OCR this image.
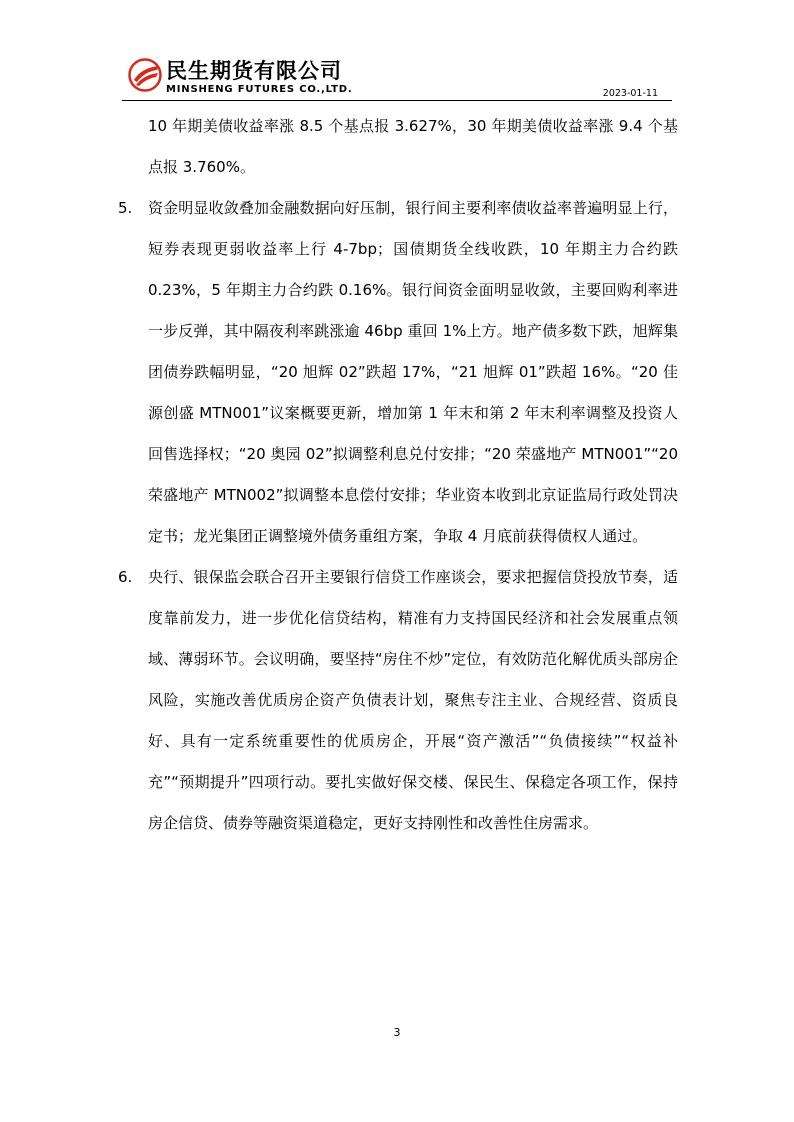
民生期货有限公司
MINSHENG FUTURES CO.,LTD.	2023-01-11

10 年期美债收益率涨 8.5 个基点报 3.627%，30 年期美债收益率涨 9.4 个基点报 3.760%。

5. 资金明显收敛叠加金融数据向好压制，银行间主要利率债收益率普遍明显上行，短券表现更弱收益率上行 4-7bp；国债期货全线收跌，10 年期主力合约跌 0.23%，5 年期主力合约跌 0.16%。银行间资金面明显收敛，主要回购利率进一步反弹，其中隔夜利率跳涨逾 46bp 重回 1%上方。地产债多数下跌，旭辉集团债券跌幅明显，“20 旭辉 02”跌超 17%，“21 旭辉 01”跌超 16%。“20 佳源创盛 MTN001”议案概要更新，增加第 1 年末和第 2 年末利率调整及投资人回售选择权；“20 奥园 02”拟调整利息兑付安排；“20 荣盛地产 MTN001”“20 荣盛地产 MTN002”拟调整本息偿付安排；华业资本收到北京证监局行政处罚决定书；龙光集团正调整境外债务重组方案，争取 4 月底前获得债权人通过。

6. 央行、银保监会联合召开主要银行信贷工作座谈会，要求把握信贷投放节奏，适度靠前发力，进一步优化信贷结构，精准有力支持国民经济和社会发展重点领域、薄弱环节。会议明确，要坚持“房住不炒”定位，有效防范化解优质头部房企风险，实施改善优质房企资产负债表计划，聚焦专注主业、合规经营、资质良好、具有一定系统重要性的优质房企，开展“资产激活”“负债接续”“权益补充”“预期提升”四项行动。要扎实做好保交楼、保民生、保稳定各项工作，保持房企信贷、债券等融资渠道稳定，更好支持刚性和改善性住房需求。

3
